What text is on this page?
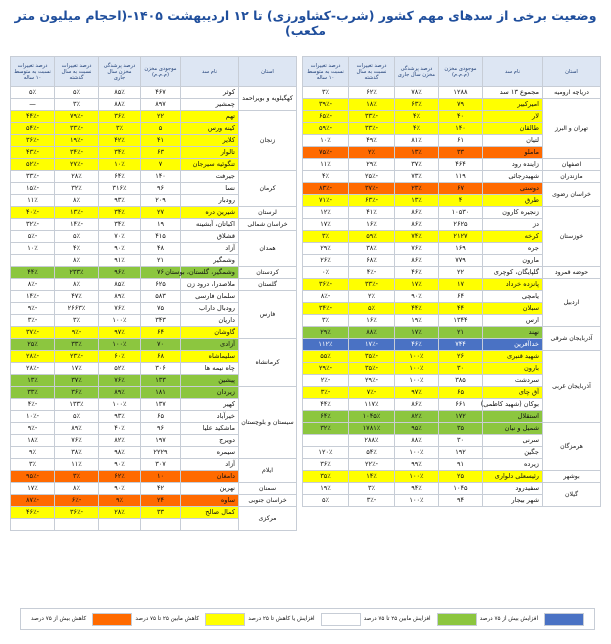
وضعیت برخی از سدهای مهم کشور (شرب-کشاورزی) تا ۱۲ اردیبهشت ۱۴۰۵-(احجام میلیون متر مکعب)
استان	نام سد	موجودی مخزن (م.م.م)	درصد پرشدگی مخزن سال جاری	درصد تغییرات نسبت به سال گذشته	درصد تغییرات نسبت به متوسط ۱۰ ساله
دریاچه ارومیه	مجموع ۱۳ سد	۱۲۸۸	۷۸٪	۶۲٪	۳٪
تهران و البرز	امیرکبیر	۷۹	۶۳٪	۱۸٪	-۳۹٪
	لار	۴۰	۴٪	-۳۳٪	-۶۵٪
	طالقان	۱۴۰	۴٪	-۳۳٪	-۵۹٪
	لتیان	۶۱	۸۱٪	۴۹٪	۱۰٪
	ماملو	۳۳	۱۳٪	۲٪	-۷۵٪
اصفهان	زاینده رود	۴۶۴	۳۷٪	۲۹٪	۱۱٪
مازندران	شهیدرجائی	۱۱۹	۷۳٪	-۲۵٪	۴٪
خراسان رضوی	دوستی	۶۷	۲۳٪	-۳۷٪	-۸۳٪
	طرق	۴	۱۳٪	-۶۳٪	-۷۱٪
خوزستان	زنجیره کارون	۱۰۵۳۰	۸۶٪	۴۱٪	۱۲٪
	دز	۲۶۲۵	۸۶٪	۱۶٪	۱۷٪
	کرخه	۲۱۲۷	۷۴٪	۵۹٪	۳٪
	جره	۱۶۹	۷۶٪	۳۸٪	۲۹٪
	مارون	۷۷۹	۸۶٪	۶۸٪	۲۶٪
حوضه قمرود	گلپایگان، کوچری	۲۲	۴۶٪	-۴٪	۰٪
اردبیل	پانزده خرداد	۱۷	۱۷٪	-۳۳٪	-۳۶٪
	یامچی	۶۴	۹۰٪	۲٪	-۸٪
	سبلان	۴۴	۴۴٪	۵٪	-۳۴٪
	ارس	۱۳۴۴	۱۹٪	۱۶٪	۳٪
آذربایجان شرقی	نهند	۲۱	۱۷٪	۸۸٪	۲۹٪
	خداآفرین	۷۴۴	۴۶٪	-۱۷٪	۱۱۲٪
آذربایجان غربی	شهید قنبری	۲۶	۱۰۰٪	-۳۵٪	۵۵٪
	بارون	۳۰	۱۰۰٪	-۳۵٪	-۲۹٪
	سردشت	۳۸۵	۱۰۰٪	-۲۹٪	-۲٪
	آق چای	۶۵	۹۷٪	-۷٪	-۳٪
	بوکان (شهید کاظمی)	۶۶۱	۸۶٪	۱۱۷٪	۴۴٪
	استقلال	۱۷۲	۸۲٪	۱۰۴۵٪	۶۴٪
هرمزگان	شمیل و نیان	۳۵	۹۵٪	۱۷۸۱٪	۳۲٪
	سرنی	۳۰	۸۸٪	۲۸۸٪	
	جگین	۱۹۲	۱۰۰٪	۵۴٪	۱۲۰٪
	زیرده	۹۱	۹۹٪	-۲۲٪	۳۶٪
بوشهر	رئیسعلی دلواری	۲۵	۱۰۰٪	۱۴٪	۳۵٪
گیلان	سفیدرود	۱۰۴۵	۹۴٪	۳٪	۱۹٪
	شهر بیجار	۹۴	۱۰۰٪	-۳٪	۵٪
استان	نام سد	موجودی مخزن (م.م.م)	درصد پرشدگی مخزن سال جاری	درصد تغییرات نسبت به سال گذشته	درصد تغییرات نسبت به متوسط ۱۰ ساله
کهگیلویه و بویراحمد	کوثر	۴۶۷	۸۵٪	۵٪	۵٪
	چمشیر	۸۹۷	۸۸٪	۳٪	—
زنجان	تهم	۲۲	۳۶٪	-۷۹٪	-۴۴٪
	کینه ورس	۵	۳٪	-۳۳٪	-۵۴٪
	کلایر	۴۱	۴۲٪	-۱۹٪	-۳۶٪
	تالوار	۶۳	۳۴٪	-۳۴٪	-۴۳٪
	تنگوئیه سیرجان	۷	۱۰٪	-۲۷٪	-۵۲٪
کرمان	جیرفت	۱۴۰	۶۴٪	۲۸٪	-۳۳٪
	نسا	۹۶	۳۱۶٪	۳۲٪	-۱۵٪
	رودبار	۲۰۹	۹۳٪	۸٪	۱۱٪
لرستان	شیرین دره	۲۷	۳۴٪	-۱۳٪	-۴۰٪
خراسان شمالی	اکباتان، آبشینه	۱۹	۳۴٪	-۱۴٪	-۳۲٪
همدان	قشلاق	۴۱۵	۷۰٪	۵٪	-۵٪
	آزاد	۴۸	۹۰٪	۴٪	۱۰٪
	وشمگیر	۲۱	۹۱٪	۸٪	
کردستان	وشمگیر، گلستان، بوستان	۷۶	۹۶٪	۲۳۳٪	۴۴٪
گلستان	ملاصدرا، درود زن	۶۲۵	۸۵٪	۸٪	-۸٪
فارس	سلمان فارسی	۵۸۳	۸۹٪	۴۷٪	-۱۴٪
	رودبال داراب	۷۵	۷۶٪	۲۶۶۳٪	-۹٪
	داریان	۳۴۳	۱۰۰٪	۳٪	-۳٪
	گاوشان	۶۴	۹۷٪	-۹٪	-۳۷٪
کرمانشاه	آزادی	۷۰	۱۰۰٪	۳۳٪	۲۵٪
	سلیماشاه	۶۸	۶۰٪	-۲۳٪	-۲۸٪
	چاه نیمه ها	۳۰۶	۵۲٪	۱۷٪	-۲۸٪
	پیشین	۱۳۳	۷۶٪	۳۷٪	۱۳٪
سیستان و بلوچستان	زیردان	۱۸۱	۸۹٪	۳۶٪	۳۳٪
	کهیر	۱۳۷	۱۰۰٪	۱۳۳٪	-۴٪
	خیرآباد	۶۵	۹۳٪	۵٪	-۱۰٪
	ماشکید علیا	۹۶	۴۰٪	۸۹٪	-۹٪
	دویرج	۱۹۷	۸۲٪	۷۶٪	۱۸٪
	سیمره	۲۲۲۹	۹۸٪	۳۸٪	۹٪
ایلام	آزاد	۳۰۷	۹۰٪	۱۱٪	۳٪
	دامغان	۱۰	۶۲٪	۳٪	-۹۵٪
سمنان	نهرین	۴۲	۹۰٪	۸٪	۱۷٪
خراسان جنوبی	ساوه	۲۴	۹٪	-۶٪	-۸۷٪
مرکزی	کمال صالح	۳۳	۲۸٪	-۳۶٪	-۴۶٪

افزایش بیش از ۷۵ درصد
افزایش مابین ۲۵ تا ۷۵ درصد
افزایش یا کاهش تا ۲۵ درصد
کاهش مابین ۲۵ تا ۷۵ درصد
کاهش بیش از ۷۵ درصد
